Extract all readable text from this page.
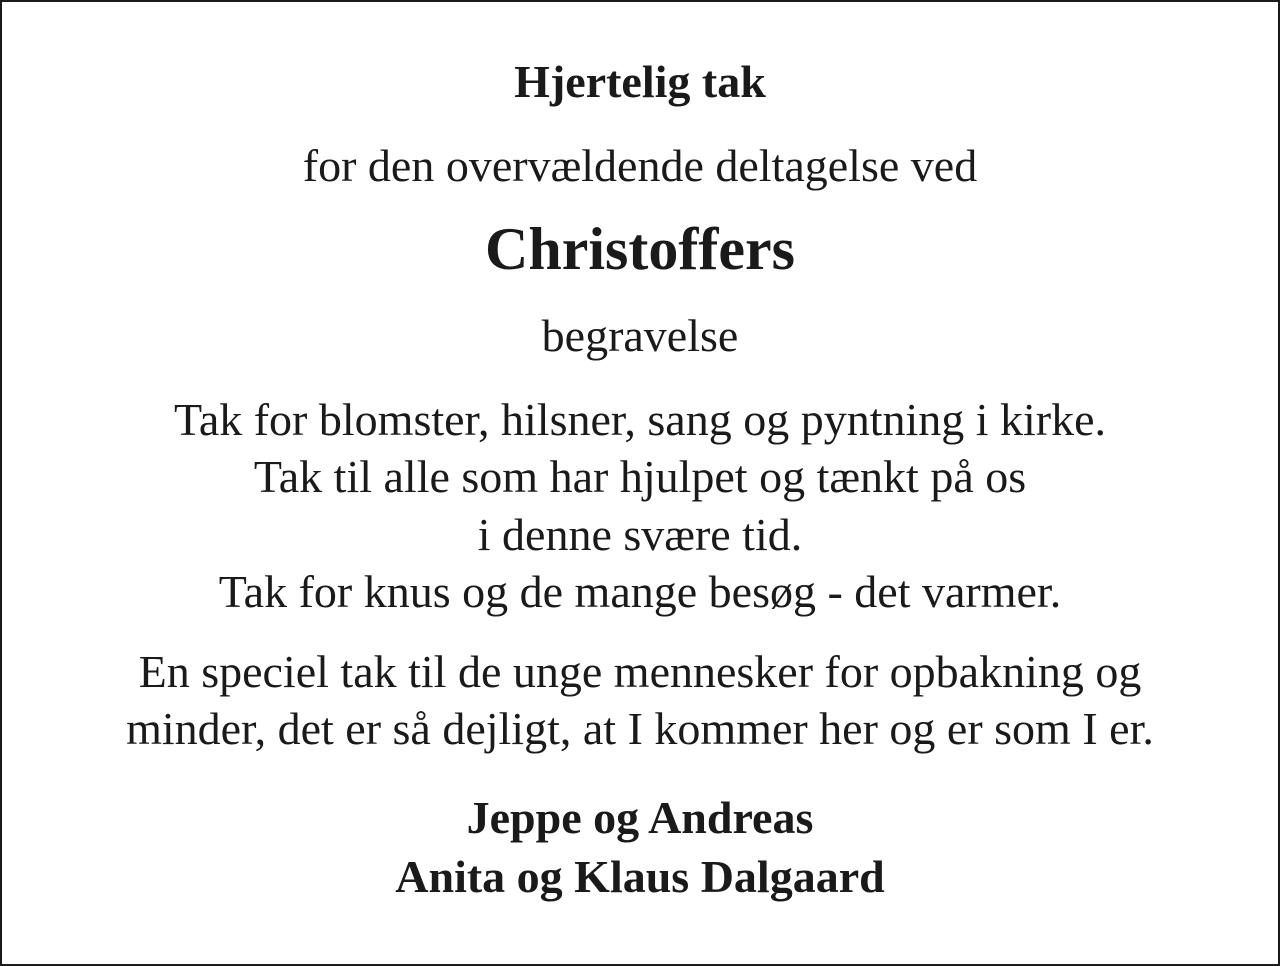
Hjertelig tak
for den overvældende deltagelse ved
Christoffers
begravelse
Tak for blomster, hilsner, sang og pyntning i kirke.
Tak til alle som har hjulpet og tænkt på os
i denne svære tid.
Tak for knus og de mange besøg - det varmer.
En speciel tak til de unge mennesker for opbakning og
minder, det er så dejligt, at I kommer her og er som I er.
Jeppe og Andreas
Anita og Klaus Dalgaard
